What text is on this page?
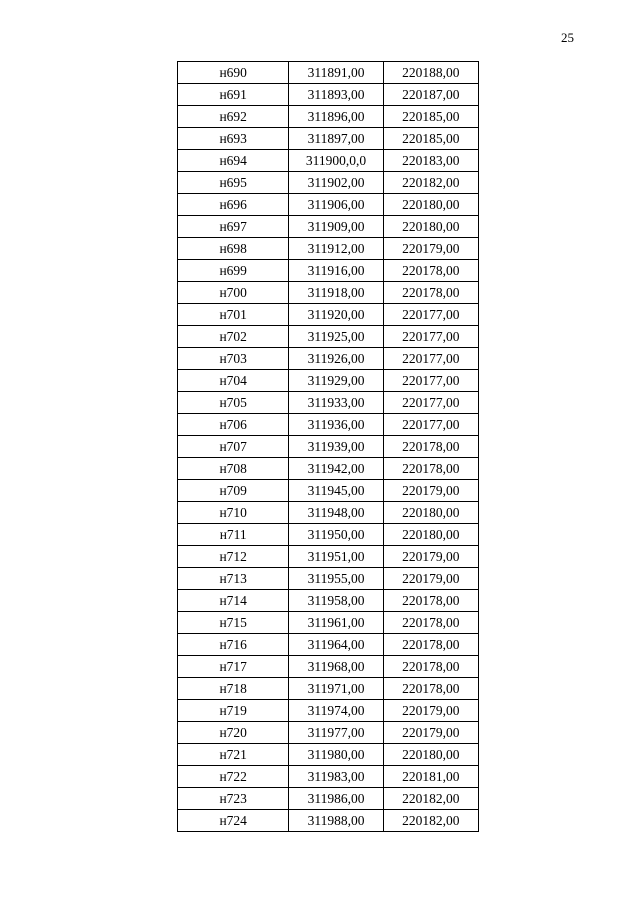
25
н690	311891,00	220188,00
н691	311893,00	220187,00
н692	311896,00	220185,00
н693	311897,00	220185,00
н694	311900,0,0	220183,00
н695	311902,00	220182,00
н696	311906,00	220180,00
н697	311909,00	220180,00
н698	311912,00	220179,00
н699	311916,00	220178,00
н700	311918,00	220178,00
н701	311920,00	220177,00
н702	311925,00	220177,00
н703	311926,00	220177,00
н704	311929,00	220177,00
н705	311933,00	220177,00
н706	311936,00	220177,00
н707	311939,00	220178,00
н708	311942,00	220178,00
н709	311945,00	220179,00
н710	311948,00	220180,00
н711	311950,00	220180,00
н712	311951,00	220179,00
н713	311955,00	220179,00
н714	311958,00	220178,00
н715	311961,00	220178,00
н716	311964,00	220178,00
н717	311968,00	220178,00
н718	311971,00	220178,00
н719	311974,00	220179,00
н720	311977,00	220179,00
н721	311980,00	220180,00
н722	311983,00	220181,00
н723	311986,00	220182,00
н724	311988,00	220182,00
